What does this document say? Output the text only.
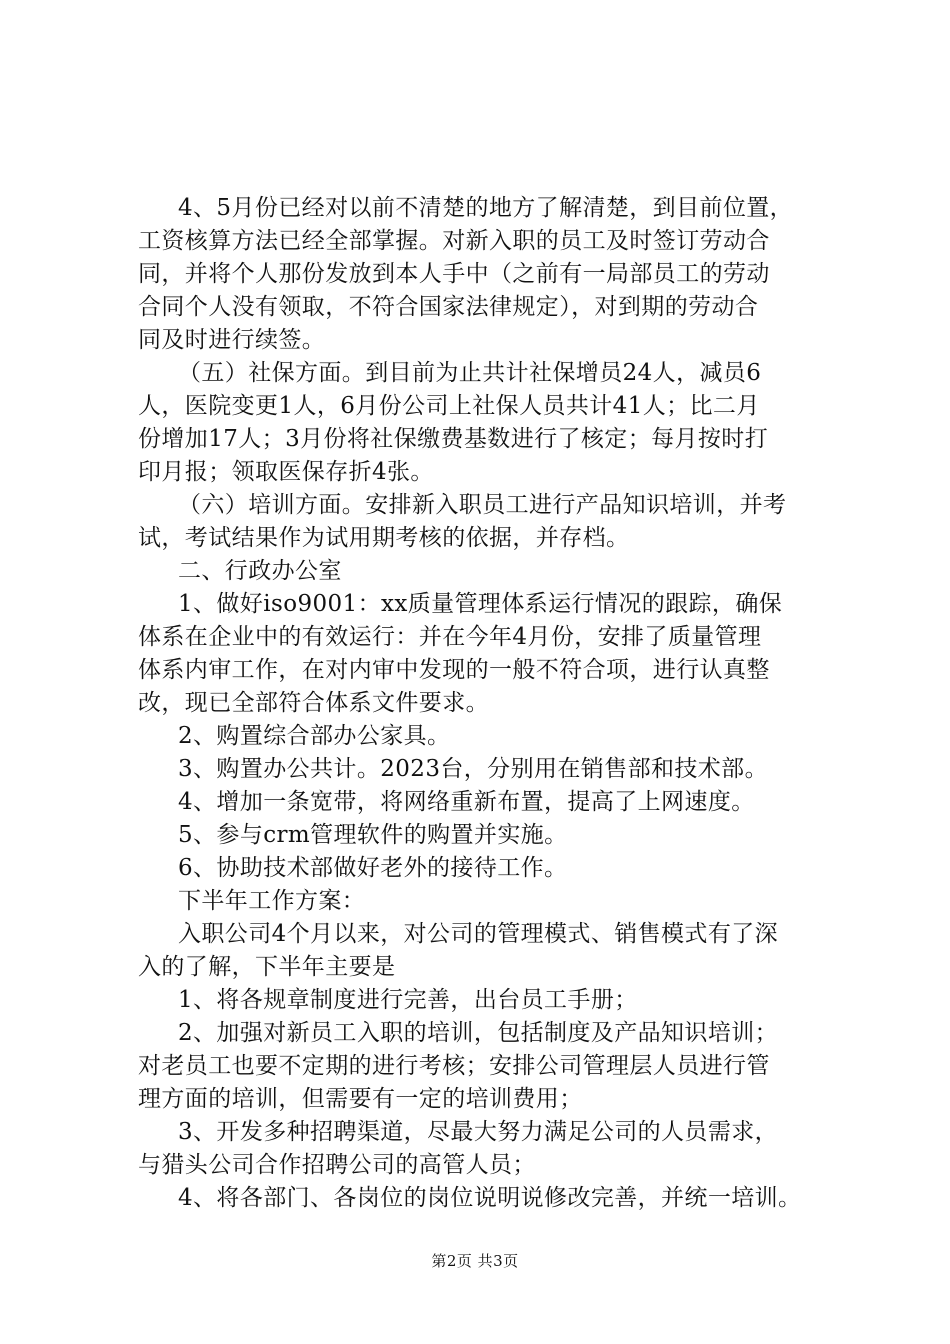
4、5月份已经对以前不清楚的地方了解清楚，到目前位置，
工资核算方法已经全部掌握。对新入职的员工及时签订劳动合
同，并将个人那份发放到本人手中（之前有一局部员工的劳动
合同个人没有领取，不符合国家法律规定），对到期的劳动合
同及时进行续签。
（五）社保方面。到目前为止共计社保增员24人，减员6
人，医院变更1人，6月份公司上社保人员共计41人；比二月
份增加17人；3月份将社保缴费基数进行了核定；每月按时打
印月报；领取医保存折4张。
（六）培训方面。安排新入职员工进行产品知识培训，并考
试，考试结果作为试用期考核的依据，并存档。
二、行政办公室
1、做好iso9001：xx质量管理体系运行情况的跟踪，确保
体系在企业中的有效运行：并在今年4月份，安排了质量管理
体系内审工作，在对内审中发现的一般不符合项，进行认真整
改，现已全部符合体系文件要求。
2、购置综合部办公家具。
3、购置办公共计。2023台，分别用在销售部和技术部。
4、增加一条宽带，将网络重新布置，提高了上网速度。
5、参与crm管理软件的购置并实施。
6、协助技术部做好老外的接待工作。
下半年工作方案：
入职公司4个月以来，对公司的管理模式、销售模式有了深
入的了解，下半年主要是
1、将各规章制度进行完善，出台员工手册；
2、加强对新员工入职的培训，包括制度及产品知识培训；
对老员工也要不定期的进行考核；安排公司管理层人员进行管
理方面的培训，但需要有一定的培训费用；
3、开发多种招聘渠道，尽最大努力满足公司的人员需求，
与猎头公司合作招聘公司的高管人员；
4、将各部门、各岗位的岗位说明说修改完善，并统一培训。
第2页 共3页
